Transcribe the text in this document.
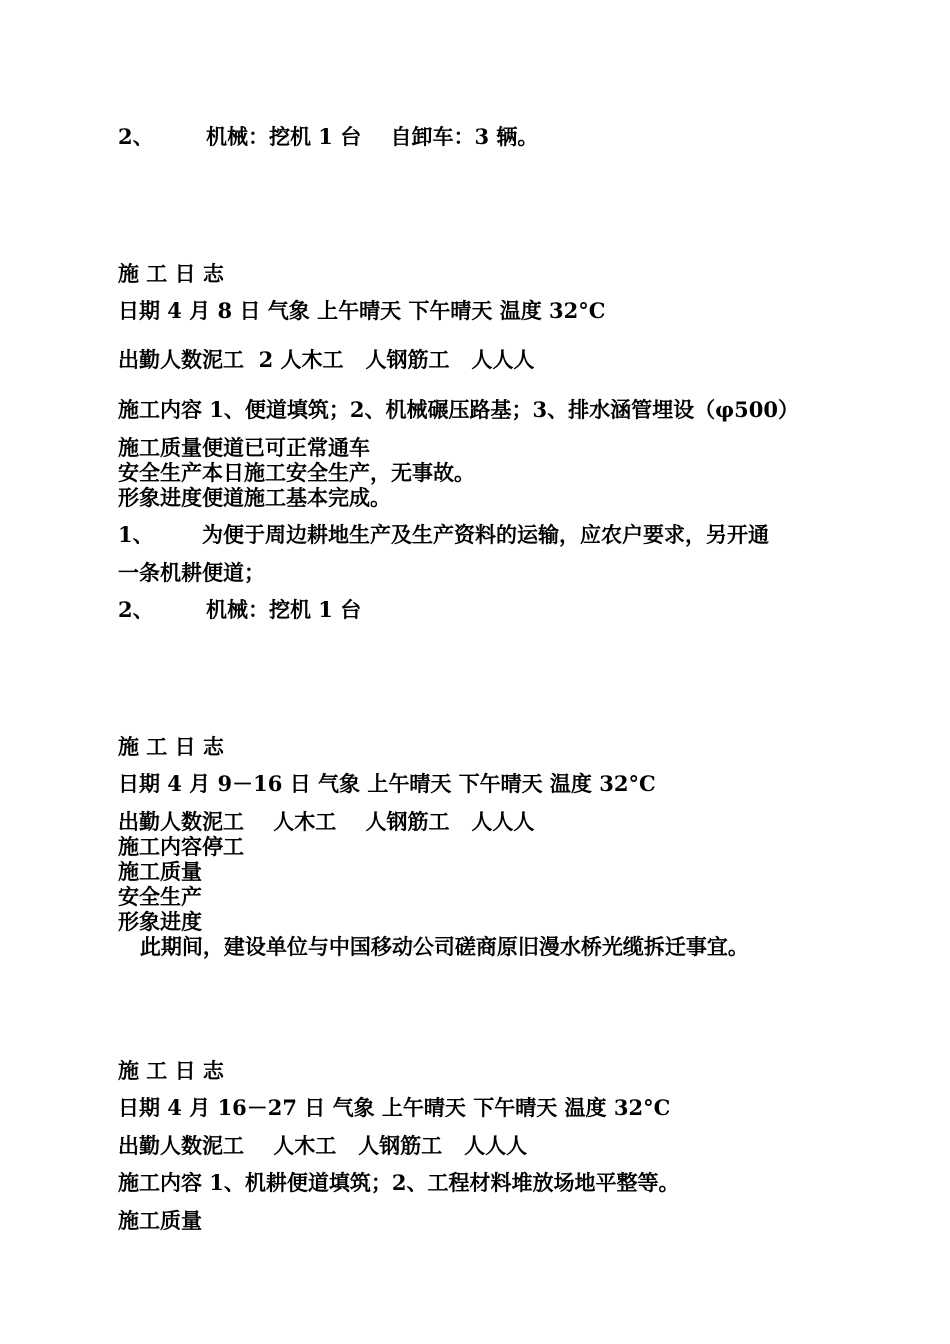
2、 机械：挖机 1 台    自卸车：3 辆。
施 工 日 志
日期 4 月 8 日 气象 上午晴天 下午晴天 温度 32°C
出勤人数泥工  2 人木工   人钢筋工   人人人
施工内容 1、便道填筑；2、机械碾压路基；3、排水涵管埋设（φ500）
施工质量便道已可正常通车
安全生产本日施工安全生产，无事故。
形象进度便道施工基本完成。
1、 为便于周边耕地生产及生产资料的运输，应农户要求，另开通
一条机耕便道；
2、 机械：挖机 1 台
施 工 日 志
日期 4 月 9－16 日 气象 上午晴天 下午晴天 温度 32°C
出勤人数泥工    人木工    人钢筋工   人人人
施工内容停工
施工质量
安全生产
形象进度
此期间，建设单位与中国移动公司磋商原旧漫水桥光缆拆迁事宜。
施 工 日 志
日期 4 月 16－27 日 气象 上午晴天 下午晴天 温度 32°C
出勤人数泥工    人木工   人钢筋工   人人人
施工内容 1、机耕便道填筑；2、工程材料堆放场地平整等。
施工质量
